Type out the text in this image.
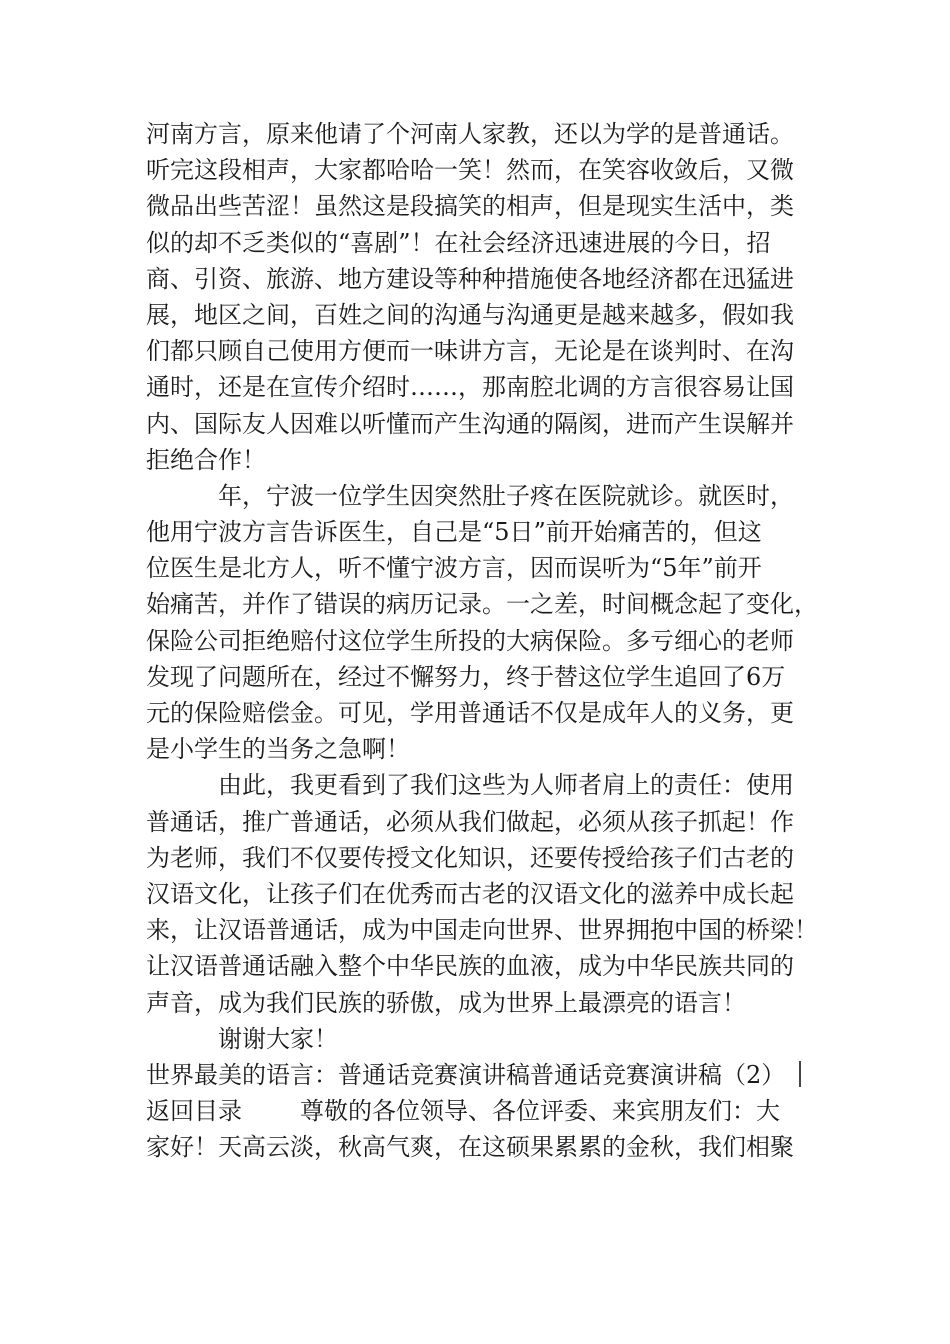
河南方言，原来他请了个河南人家教，还以为学的是普通话。
听完这段相声，大家都哈哈一笑！然而，在笑容收敛后，又微
微品出些苦涩！虽然这是段搞笑的相声，但是现实生活中，类
似的却不乏类似的“喜剧”！在社会经济迅速进展的今日，招
商、引资、旅游、地方建设等种种措施使各地经济都在迅猛进
展，地区之间，百姓之间的沟通与沟通更是越来越多，假如我
们都只顾自己使用方便而一味讲方言，无论是在谈判时、在沟
通时，还是在宣传介绍时……，那南腔北调的方言很容易让国
内、国际友人因难以听懂而产生沟通的隔阂，进而产生误解并
拒绝合作！
年，宁波一位学生因突然肚子疼在医院就诊。就医时，
他用宁波方言告诉医生，自己是“5日”前开始痛苦的，但这
位医生是北方人，听不懂宁波方言，因而误听为“5年”前开
始痛苦，并作了错误的病历记录。一之差，时间概念起了变化，
保险公司拒绝赔付这位学生所投的大病保险。多亏细心的老师
发现了问题所在，经过不懈努力，终于替这位学生追回了6万
元的保险赔偿金。可见，学用普通话不仅是成年人的义务，更
是小学生的当务之急啊！
由此，我更看到了我们这些为人师者肩上的责任：使用
普通话，推广普通话，必须从我们做起，必须从孩子抓起！作
为老师，我们不仅要传授文化知识，还要传授给孩子们古老的
汉语文化，让孩子们在优秀而古老的汉语文化的滋养中成长起
来，让汉语普通话，成为中国走向世界、世界拥抱中国的桥梁！
让汉语普通话融入整个中华民族的血液，成为中华民族共同的
声音，成为我们民族的骄傲，成为世界上最漂亮的语言！
谢谢大家！
世界最美的语言：普通话竞赛演讲稿普通话竞赛演讲稿（2）
返回目录 尊敬的各位领导、各位评委、来宾朋友们：大
家好！天高云淡，秋高气爽，在这硕果累累的金秋，我们相聚
